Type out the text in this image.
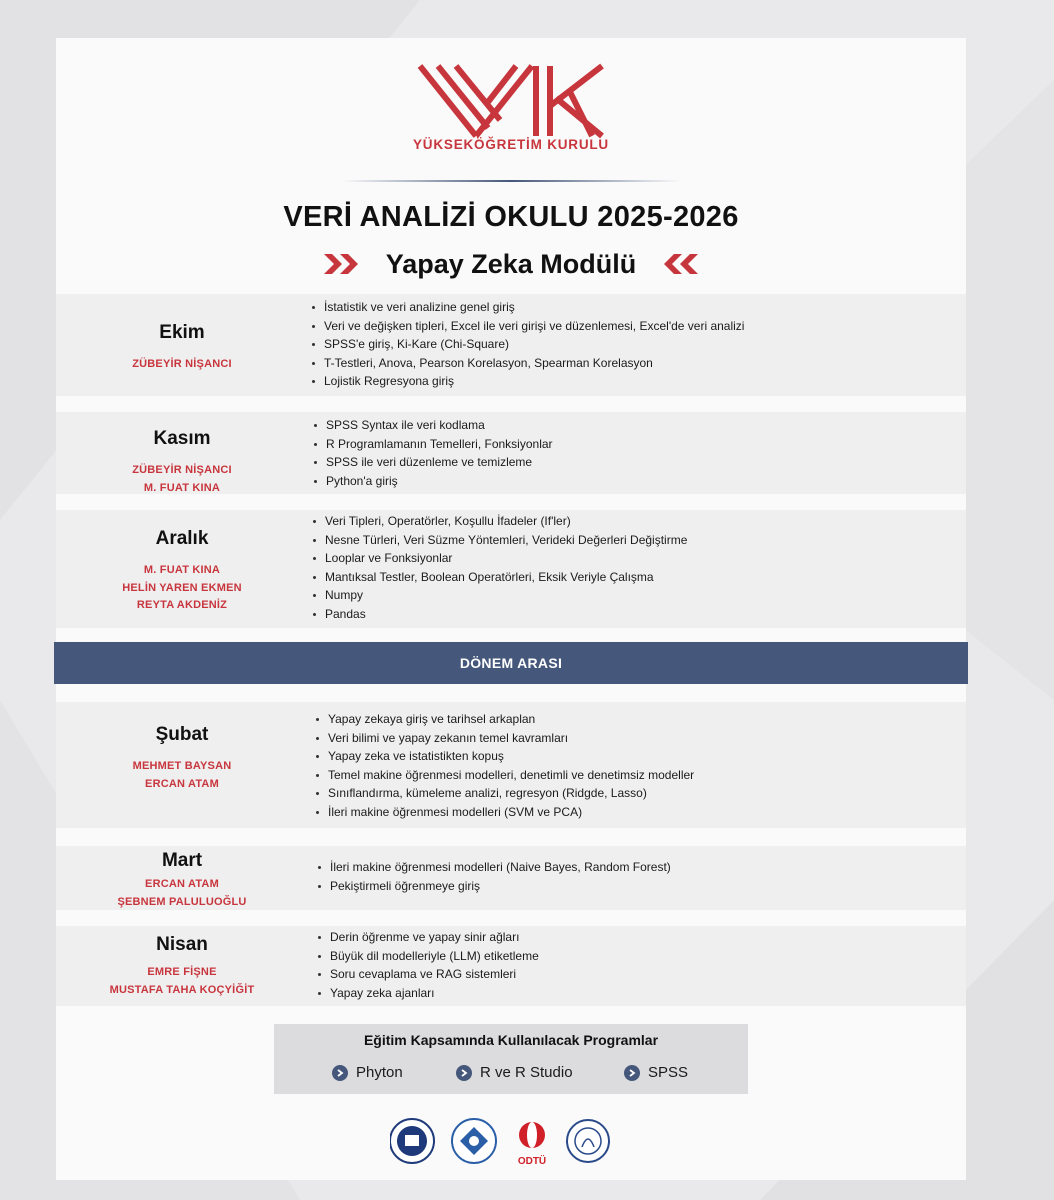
YÜKSEKÖĞRETİM KURULU
VERİ ANALİZİ OKULU 2025-2026
Yapay Zeka Modülü
Ekim
ZÜBEYİR NİŞANCI
İstatistik ve veri analizine genel giriş
Veri ve değişken tipleri, Excel ile veri girişi ve düzenlemesi, Excel'de veri analizi
SPSS'e giriş, Ki-Kare (Chi-Square)
T-Testleri, Anova, Pearson Korelasyon, Spearman Korelasyon
Lojistik Regresyona giriş
Kasım
ZÜBEYİR NİŞANCI
M. FUAT KINA
SPSS Syntax ile veri kodlama
R Programlamanın Temelleri, Fonksiyonlar
SPSS ile veri düzenleme ve temizleme
Python'a giriş
Aralık
M. FUAT KINA
HELİN YAREN EKMEN
REYTA AKDENİZ
Veri Tipleri, Operatörler, Koşullu İfadeler (If'ler)
Nesne Türleri, Veri Süzme Yöntemleri, Verideki Değerleri Değiştirme
Looplar ve Fonksiyonlar
Mantıksal Testler, Boolean Operatörleri, Eksik Veriyle Çalışma
Numpy
Pandas
DÖNEM ARASI
Şubat
MEHMET BAYSAN
ERCAN ATAM
Yapay zekaya giriş ve tarihsel arkaplan
Veri bilimi ve yapay zekanın temel kavramları
Yapay zeka ve istatistikten kopuş
Temel makine öğrenmesi modelleri, denetimli ve denetimsiz modeller
Sınıflandırma, kümeleme analizi, regresyon (Ridgde, Lasso)
İleri makine öğrenmesi modelleri (SVM ve PCA)
Mart
ERCAN ATAM
ŞEBNEM PALULUOĞLU
İleri makine öğrenmesi modelleri (Naive Bayes, Random Forest)
Pekiştirmeli öğrenmeye giriş
Nisan
EMRE FİŞNE
MUSTAFA TAHA KOÇYİĞİT
Derin öğrenme ve yapay sinir ağları
Büyük dil modelleriyle (LLM) etiketleme
Soru cevaplama ve RAG sistemleri
Yapay zeka ajanları
Eğitim Kapsamında Kullanılacak Programlar
Phyton	R ve R Studio	SPSS
ODTÜ
